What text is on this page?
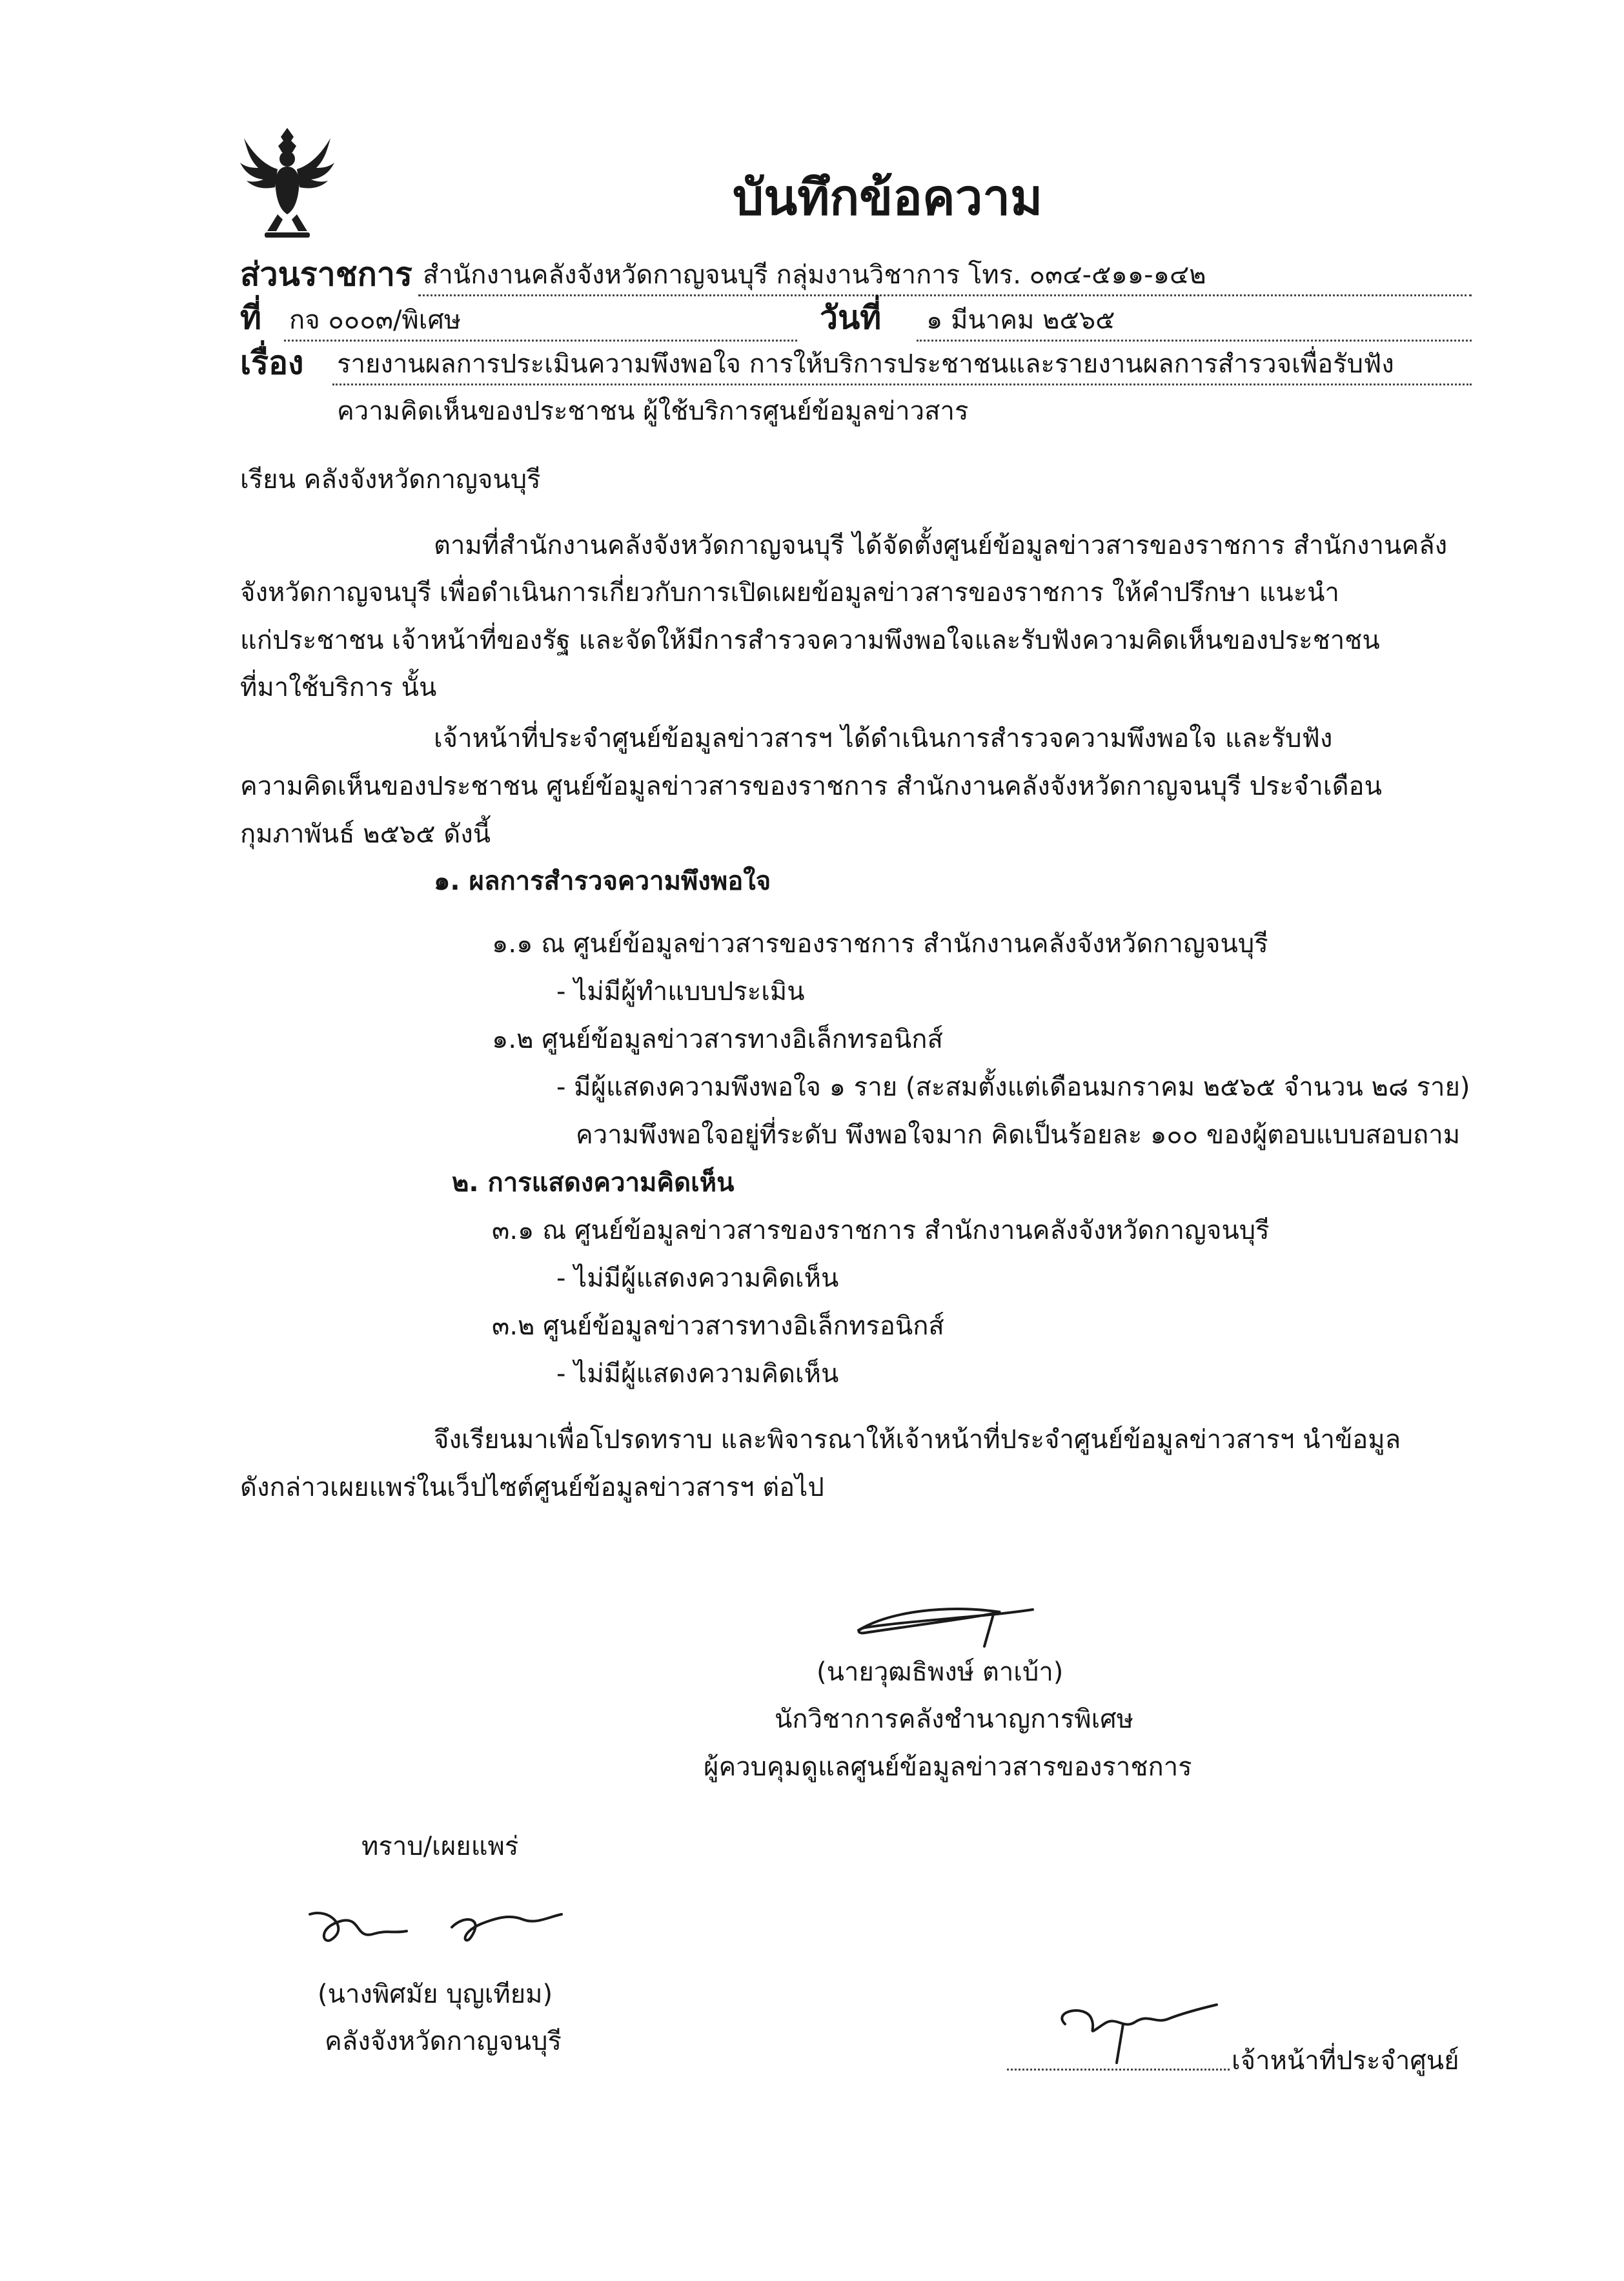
บันทึกข้อความ
ส่วนราชการ สำนักงานคลังจังหวัดกาญจนบุรี กลุ่มงานวิชาการ โทร. ๐๓๔-๕๑๑-๑๔๒
ที่ กจ ๐๐๐๓/พิเศษ	วันที่ ๑ มีนาคม ๒๕๖๕
เรื่อง รายงานผลการประเมินความพึงพอใจ การให้บริการประชาชนและรายงานผลการสำรวจเพื่อรับฟัง
ความคิดเห็นของประชาชน ผู้ใช้บริการศูนย์ข้อมูลข่าวสาร
เรียน คลังจังหวัดกาญจนบุรี
ตามที่สำนักงานคลังจังหวัดกาญจนบุรี ได้จัดตั้งศูนย์ข้อมูลข่าวสารของราชการ สำนักงานคลัง
จังหวัดกาญจนบุรี เพื่อดำเนินการเกี่ยวกับการเปิดเผยข้อมูลข่าวสารของราชการ ให้คำปรึกษา แนะนำ
แก่ประชาชน เจ้าหน้าที่ของรัฐ และจัดให้มีการสำรวจความพึงพอใจและรับฟังความคิดเห็นของประชาชน
ที่มาใช้บริการ นั้น
เจ้าหน้าที่ประจำศูนย์ข้อมูลข่าวสารฯ ได้ดำเนินการสำรวจความพึงพอใจ และรับฟัง
ความคิดเห็นของประชาชน ศูนย์ข้อมูลข่าวสารของราชการ สำนักงานคลังจังหวัดกาญจนบุรี ประจำเดือน
กุมภาพันธ์ ๒๕๖๕ ดังนี้
๑. ผลการสำรวจความพึงพอใจ
๑.๑ ณ ศูนย์ข้อมูลข่าวสารของราชการ สำนักงานคลังจังหวัดกาญจนบุรี
- ไม่มีผู้ทำแบบประเมิน
๑.๒ ศูนย์ข้อมูลข่าวสารทางอิเล็กทรอนิกส์
- มีผู้แสดงความพึงพอใจ ๑ ราย (สะสมตั้งแต่เดือนมกราคม ๒๕๖๕ จำนวน ๒๘ ราย)
ความพึงพอใจอยู่ที่ระดับ พึงพอใจมาก คิดเป็นร้อยละ ๑๐๐ ของผู้ตอบแบบสอบถาม
๒. การแสดงความคิดเห็น
๓.๑ ณ ศูนย์ข้อมูลข่าวสารของราชการ สำนักงานคลังจังหวัดกาญจนบุรี
- ไม่มีผู้แสดงความคิดเห็น
๓.๒ ศูนย์ข้อมูลข่าวสารทางอิเล็กทรอนิกส์
- ไม่มีผู้แสดงความคิดเห็น
จึงเรียนมาเพื่อโปรดทราบ และพิจารณาให้เจ้าหน้าที่ประจำศูนย์ข้อมูลข่าวสารฯ นำข้อมูล
ดังกล่าวเผยแพร่ในเว็ปไซต์ศูนย์ข้อมูลข่าวสารฯ ต่อไป
(นายวุฒธิพงษ์ ตาเบ้า)
นักวิชาการคลังชำนาญการพิเศษ
ผู้ควบคุมดูแลศูนย์ข้อมูลข่าวสารของราชการ
ทราบ/เผยแพร่
(นางพิศมัย บุญเทียม)
คลังจังหวัดกาญจนบุรี
เจ้าหน้าที่ประจำศูนย์
